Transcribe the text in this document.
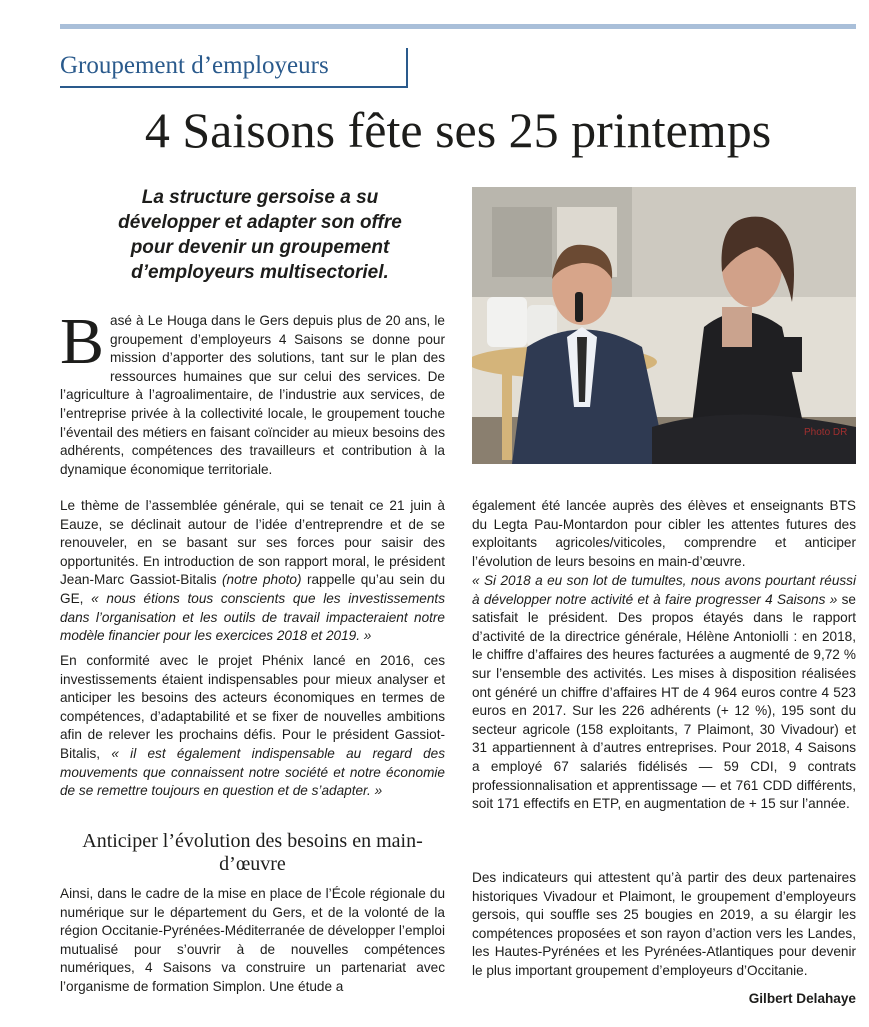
Groupement d’employeurs
4 Saisons fête ses 25 printemps
La structure gersoise a su développer et adapter son offre pour devenir un groupement d’employeurs multisectoriel.
Basé à Le Houga dans le Gers depuis plus de 20 ans, le groupement d’employeurs 4 Saisons se donne pour mission d’apporter des solutions, tant sur le plan des ressources humaines que sur celui des services. De l’agriculture à l’agroalimentaire, de l’industrie aux services, de l’entreprise privée à la collectivité locale, le groupement touche l’éventail des métiers en faisant coïncider au mieux besoins des adhérents, compétences des travailleurs et contribution à la dynamique économique territoriale.
Le thème de l’assemblée générale, qui se tenait ce 21 juin à Eauze, se déclinait autour de l’idée d’entreprendre et de se renouveler, en se basant sur ses forces pour saisir des opportunités. En introduction de son rapport moral, le président Jean-Marc Gassiot-Bitalis (notre photo) rappelle qu’au sein du GE, « nous étions tous conscients que les investissements dans l’organisation et les outils de travail impacteraient notre modèle financier pour les exercices 2018 et 2019. »
En conformité avec le projet Phénix lancé en 2016, ces investissements étaient indispensables pour mieux analyser et anticiper les besoins des acteurs économiques en termes de compétences, d’adaptabilité et se fixer de nouvelles ambitions afin de relever les prochains défis. Pour le président Gassiot-Bitalis, « il est également indispensable au regard des mouvements que connaissent notre société et notre économie de se remettre toujours en question et de s’adapter. »
Anticiper l’évolution des besoins en main-d’œuvre
Ainsi, dans le cadre de la mise en place de l’École régionale du numérique sur le département du Gers, et de la volonté de la région Occitanie-Pyrénées-Méditerranée de développer l’emploi mutualisé pour s’ouvrir à de nouvelles compétences numériques, 4 Saisons va construire un partenariat avec l’organisme de formation Simplon. Une étude a
Photo DR
également été lancée auprès des élèves et enseignants BTS du Legta Pau-Montardon pour cibler les attentes futures des exploitants agricoles/viticoles, comprendre et anticiper l’évolution de leurs besoins en main-d’œuvre.
« Si 2018 a eu son lot de tumultes, nous avons pourtant réussi à développer notre activité et à faire progresser 4 Saisons » se satisfait le président. Des propos étayés dans le rapport d’activité de la directrice générale, Hélène Antoniolli : en 2018, le chiffre d’affaires des heures facturées a augmenté de 9,72 % sur l’ensemble des activités. Les mises à disposition réalisées ont généré un chiffre d’affaires HT de 4 964 euros contre 4 523 euros en 2017. Sur les 226 adhérents (+ 12 %), 195 sont du secteur agricole (158 exploitants, 7 Plaimont, 30 Vivadour) et 31 appartiennent à d’autres entreprises. Pour 2018, 4 Saisons a employé 67 salariés fidélisés — 59 CDI, 9 contrats professionnalisation et apprentissage — et 761 CDD différents, soit 171 effectifs en ETP, en augmentation de + 15 sur l’année.
Des indicateurs qui attestent qu’à partir des deux partenaires historiques Vivadour et Plaimont, le groupement d’employeurs gersois, qui souffle ses 25 bougies en 2019, a su élargir les compétences proposées et son rayon d’action vers les Landes, les Hautes-Pyrénées et les Pyrénées-Atlantiques pour devenir le plus important groupement d’employeurs d’Occitanie.
Gilbert Delahaye
